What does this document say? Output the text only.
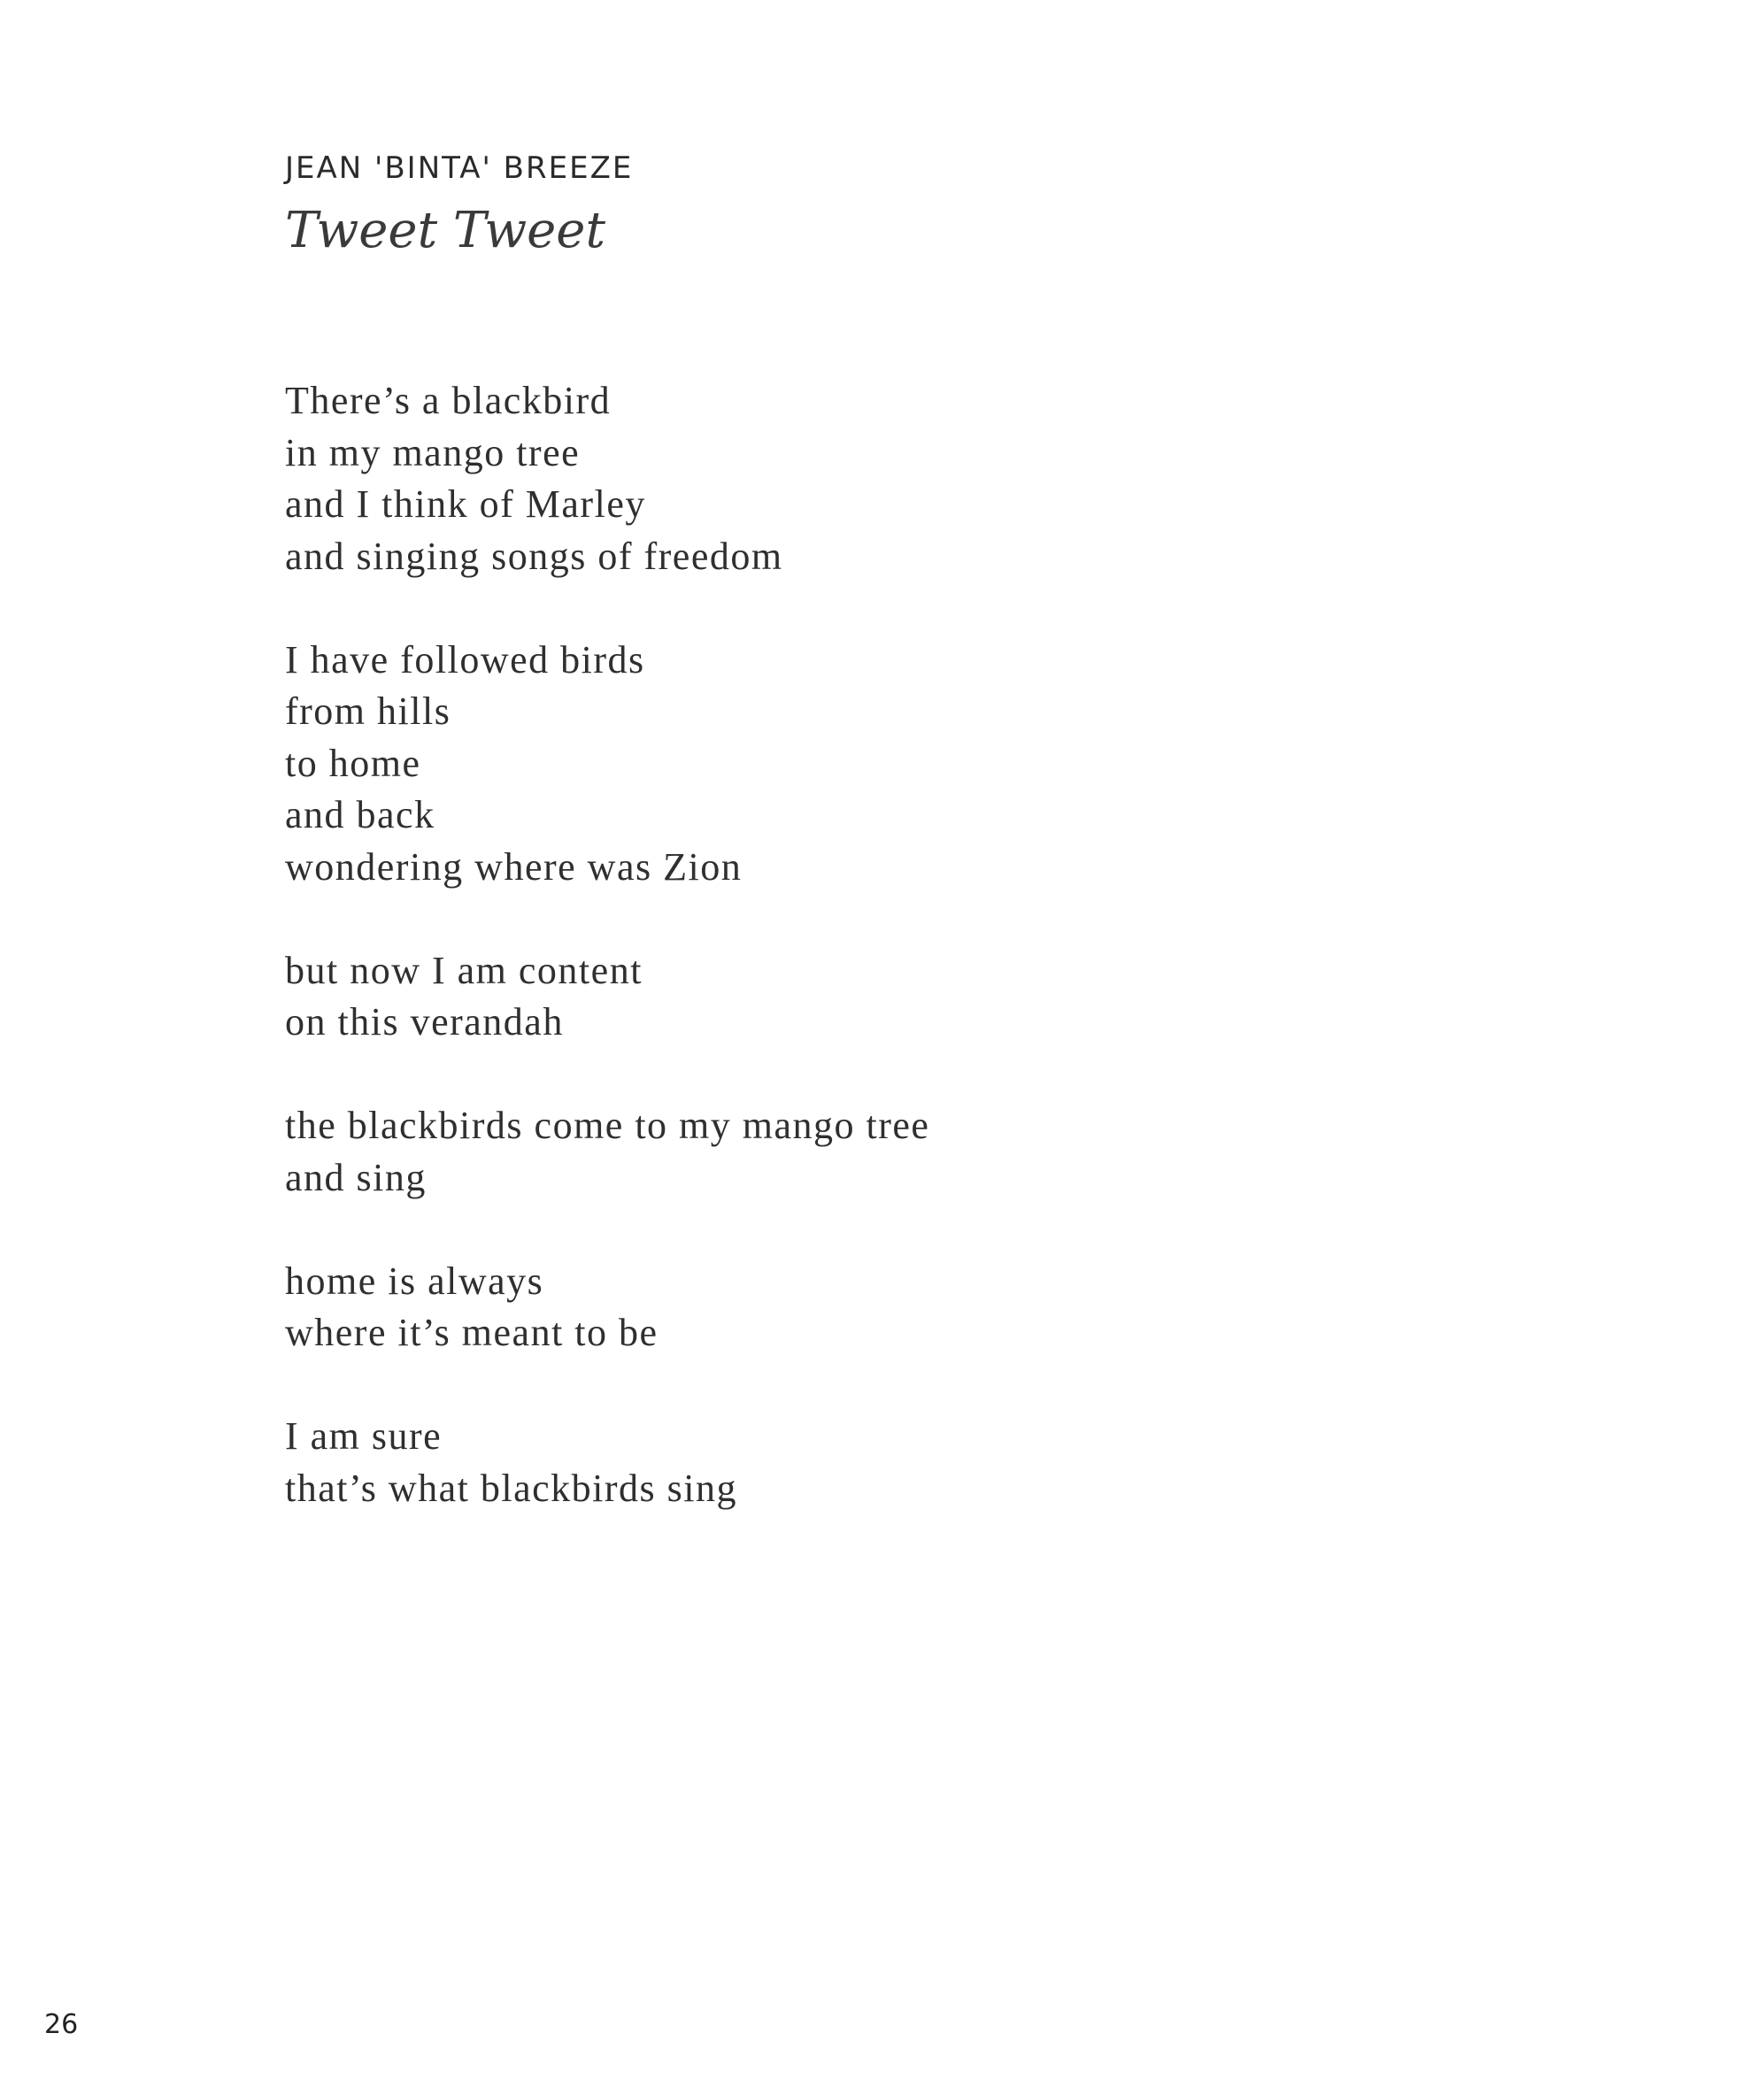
JEAN 'BINTA' BREEZE
Tweet Tweet
There’s a blackbird
in my mango tree
and I think of Marley
and singing songs of freedom
I have followed birds
from hills
to home
and back
wondering where was Zion
but now I am content
on this verandah
the blackbirds come to my mango tree
and sing
home is always
where it’s meant to be
I am sure
that’s what blackbirds sing
26
